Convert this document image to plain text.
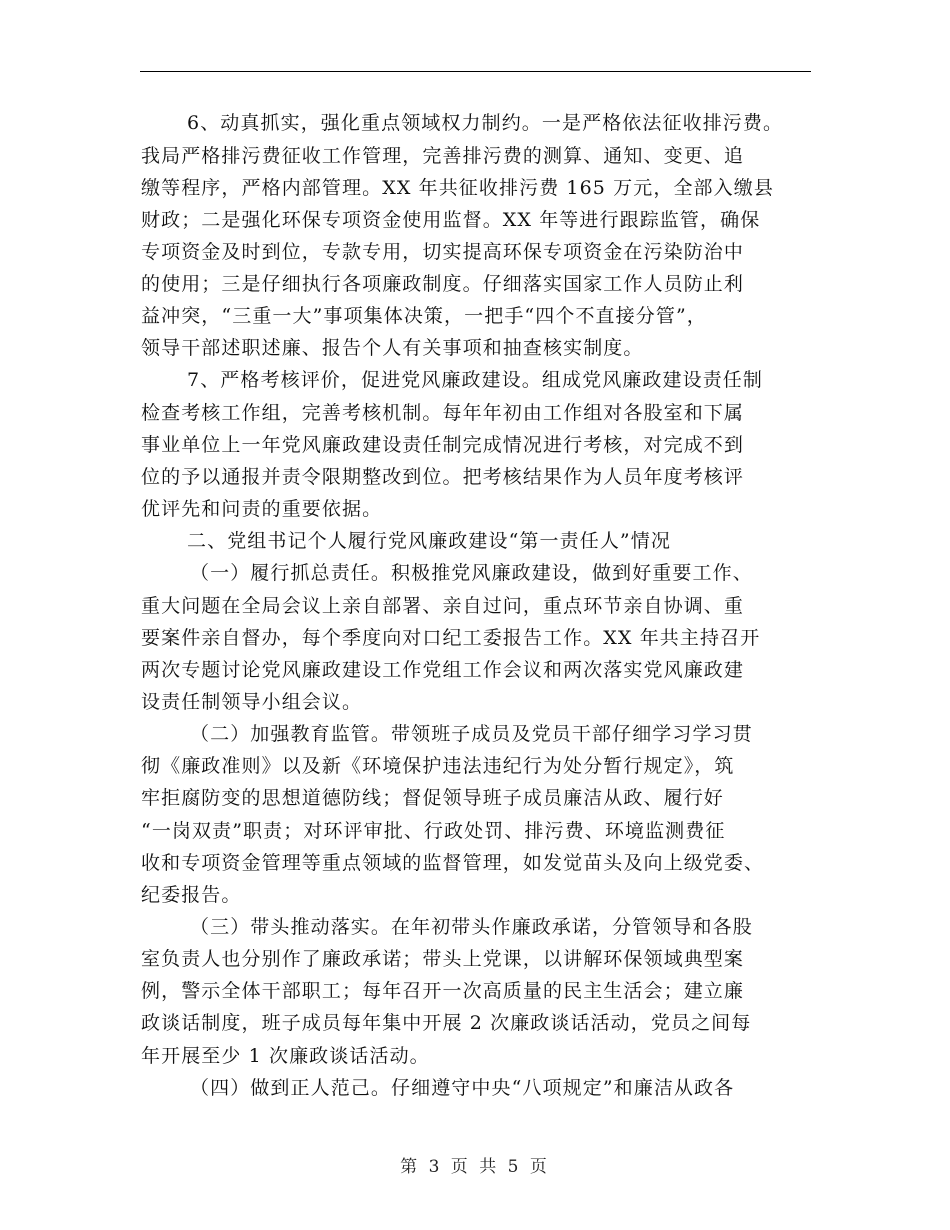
6、动真抓实，强化重点领域权力制约。一是严格依法征收排污费。
我局严格排污费征收工作管理，完善排污费的测算、通知、变更、追
缴等程序，严格内部管理。XX 年共征收排污费 165 万元，全部入缴县
财政；二是强化环保专项资金使用监督。XX 年等进行跟踪监管，确保
专项资金及时到位，专款专用，切实提高环保专项资金在污染防治中
的使用；三是仔细执行各项廉政制度。仔细落实国家工作人员防止利
益冲突，“三重一大”事项集体决策，一把手“四个不直接分管”，
领导干部述职述廉、报告个人有关事项和抽查核实制度。
7、严格考核评价，促进党风廉政建设。组成党风廉政建设责任制
检查考核工作组，完善考核机制。每年年初由工作组对各股室和下属
事业单位上一年党风廉政建设责任制完成情况进行考核，对完成不到
位的予以通报并责令限期整改到位。把考核结果作为人员年度考核评
优评先和问责的重要依据。
二、党组书记个人履行党风廉政建设“第一责任人”情况
（一）履行抓总责任。积极推党风廉政建设，做到好重要工作、
重大问题在全局会议上亲自部署、亲自过问，重点环节亲自协调、重
要案件亲自督办，每个季度向对口纪工委报告工作。XX 年共主持召开
两次专题讨论党风廉政建设工作党组工作会议和两次落实党风廉政建
设责任制领导小组会议。
（二）加强教育监管。带领班子成员及党员干部仔细学习学习贯
彻《廉政准则》以及新《环境保护违法违纪行为处分暂行规定》，筑
牢拒腐防变的思想道德防线；督促领导班子成员廉洁从政、履行好
“一岗双责”职责；对环评审批、行政处罚、排污费、环境监测费征
收和专项资金管理等重点领域的监督管理，如发觉苗头及向上级党委、
纪委报告。
（三）带头推动落实。在年初带头作廉政承诺，分管领导和各股
室负责人也分别作了廉政承诺；带头上党课，以讲解环保领域典型案
例，警示全体干部职工；每年召开一次高质量的民主生活会；建立廉
政谈话制度，班子成员每年集中开展 2 次廉政谈话活动，党员之间每
年开展至少 1 次廉政谈话活动。
（四）做到正人范己。仔细遵守中央“八项规定”和廉洁从政各
第 3 页 共 5 页
